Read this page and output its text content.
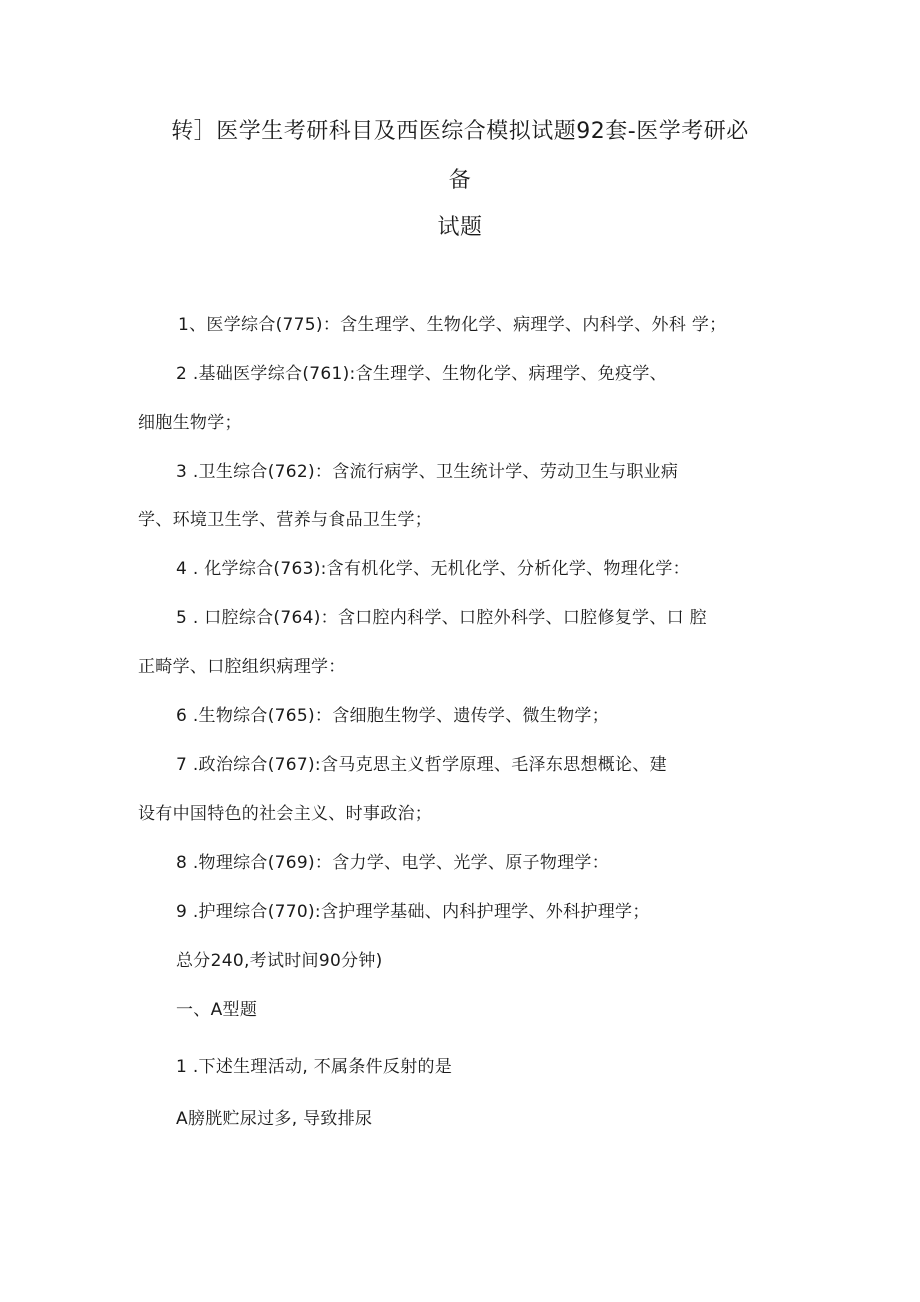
转］医学生考研科目及西医综合模拟试题92套-医学考研必
备
试题
1、医学综合(775)：含生理学、生物化学、病理学、内科学、外科 学；
2 .基础医学综合(761):含生理学、生物化学、病理学、免疫学、
细胞生物学；
3 .卫生综合(762)：含流行病学、卫生统计学、劳动卫生与职业病
学、环境卫生学、营养与食品卫生学；
4 . 化学综合(763):含有机化学、无机化学、分析化学、物理化学：
5 . 口腔综合(764)：含口腔内科学、口腔外科学、口腔修复学、口 腔
正畸学、口腔组织病理学：
6 .生物综合(765)：含细胞生物学、遗传学、微生物学；
7 .政治综合(767):含马克思主义哲学原理、毛泽东思想概论、建
设有中国特色的社会主义、时事政治；
8 .物理综合(769)：含力学、电学、光学、原子物理学：
9 .护理综合(770):含护理学基础、内科护理学、外科护理学；
总分240,考试时间90分钟)
一、A型题
1 .下述生理活动, 不属条件反射的是
A膀胱贮尿过多, 导致排尿
